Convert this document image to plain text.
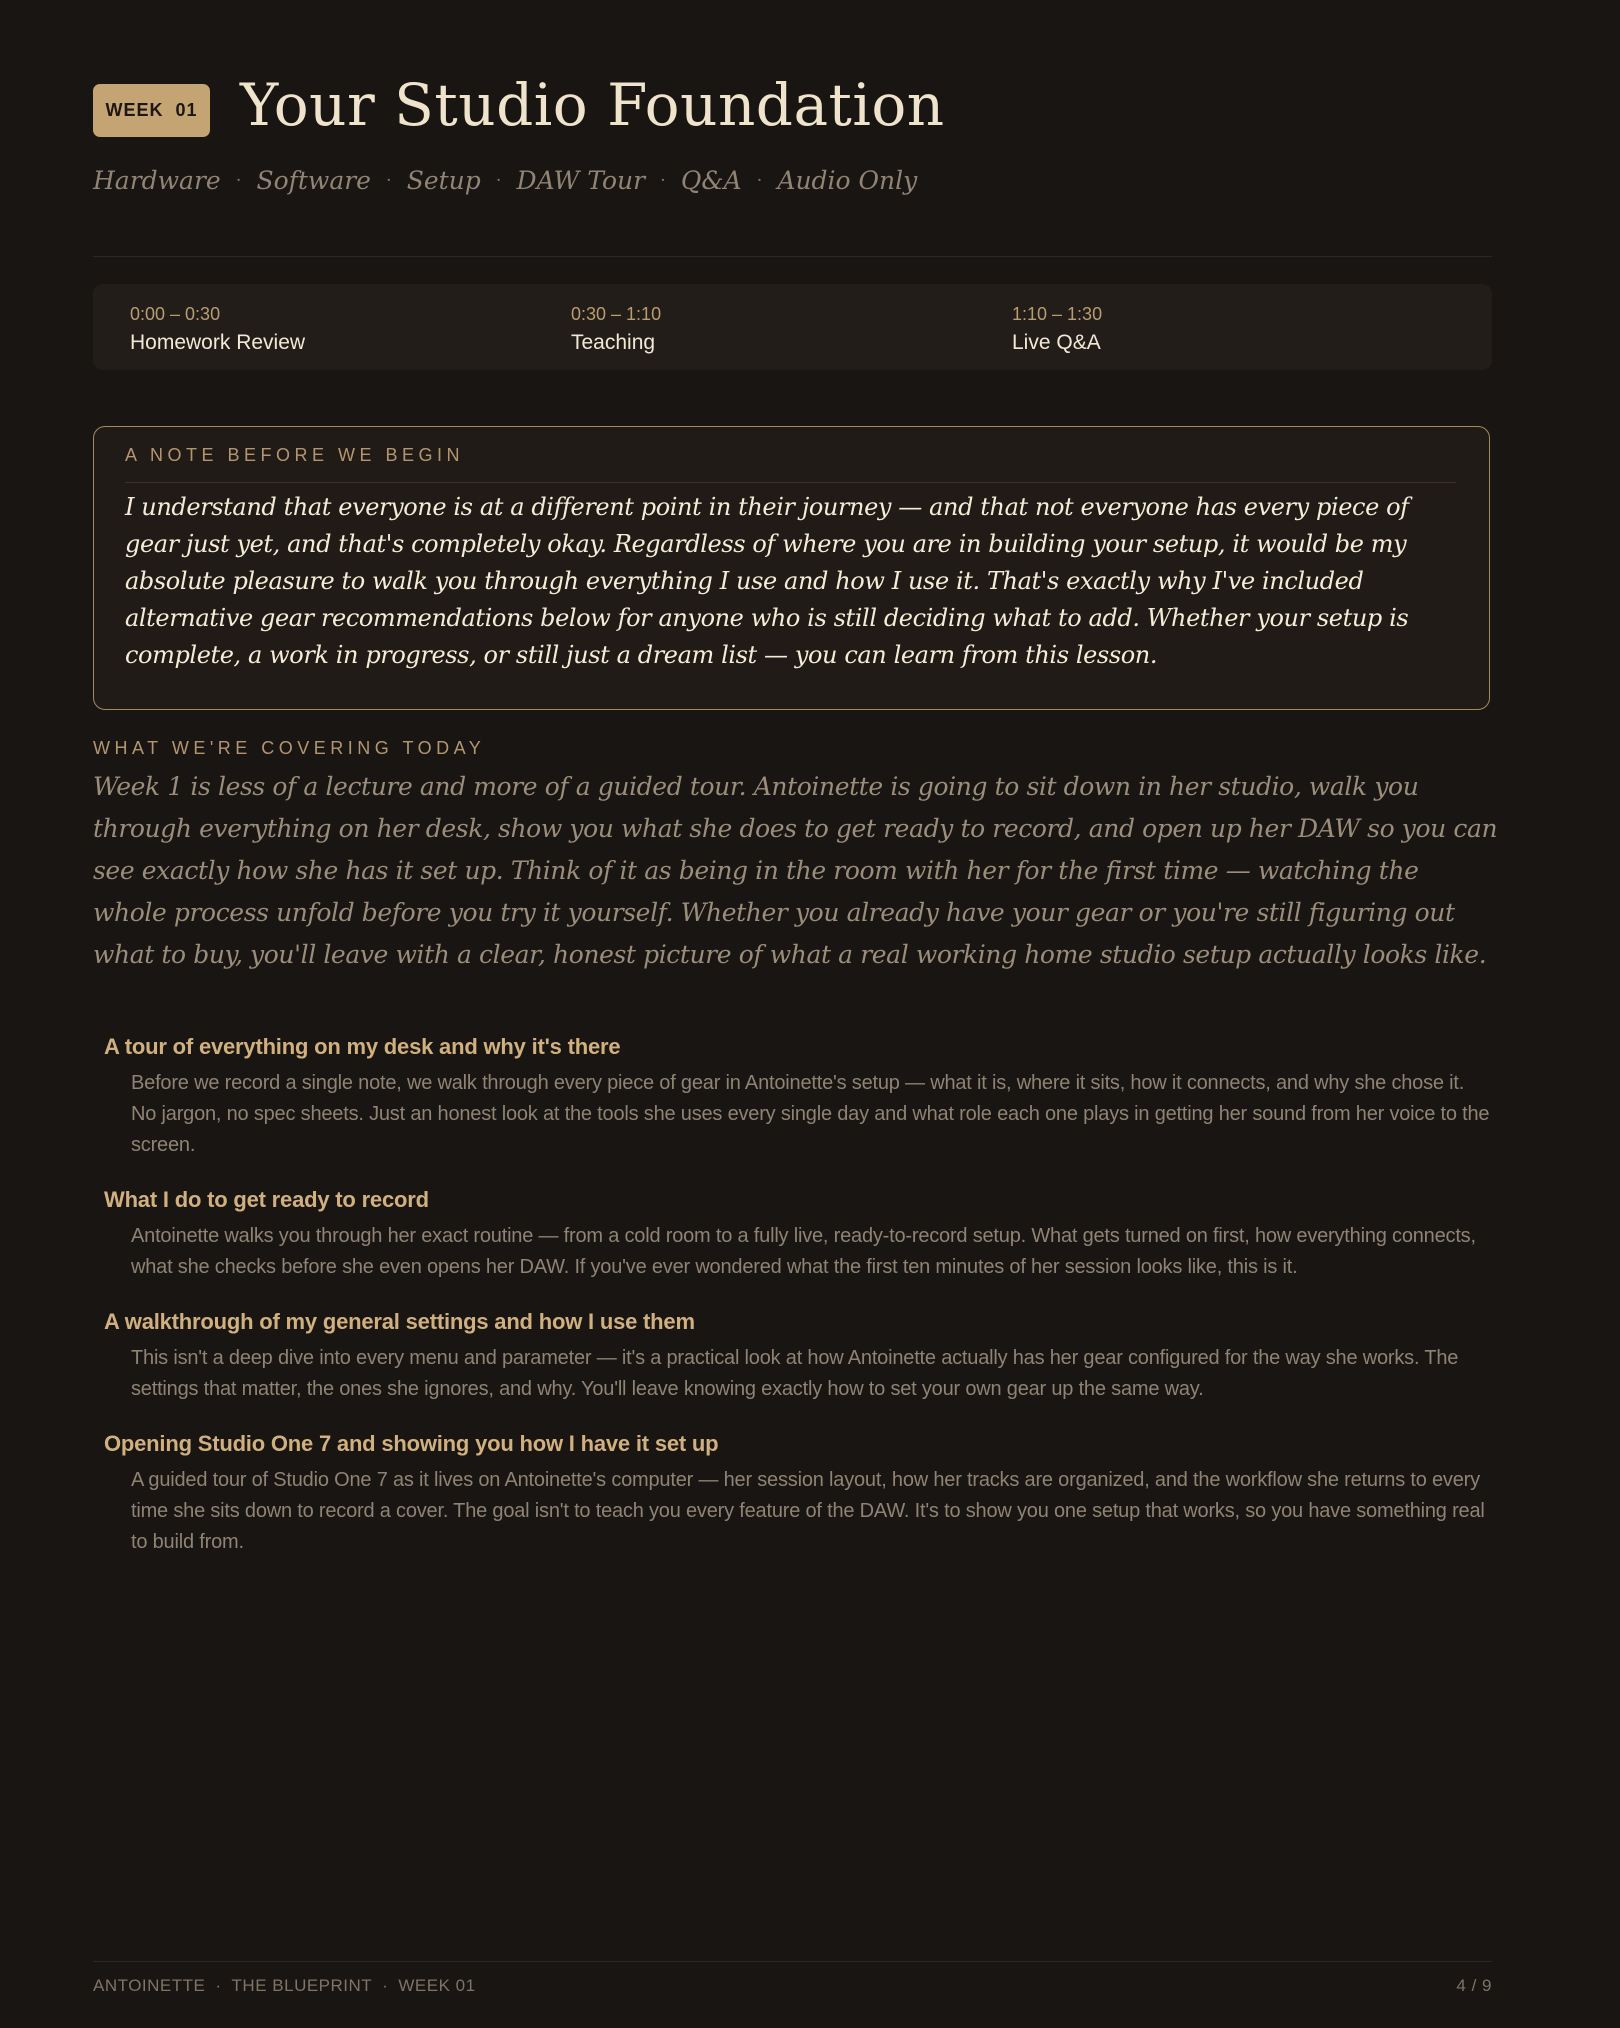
WEEK  01 Your Studio Foundation
Hardware · Software · Setup · DAW Tour · Q&A · Audio Only
0:00 – 0:30
Homework Review
0:30 – 1:10
Teaching
1:10 – 1:30
Live Q&A
A NOTE BEFORE WE BEGIN
I understand that everyone is at a different point in their journey — and that not everyone has every piece of gear just yet, and that's completely okay. Regardless of where you are in building your setup, it would be my absolute pleasure to walk you through everything I use and how I use it. That's exactly why I've included alternative gear recommendations below for anyone who is still deciding what to add. Whether your setup is complete, a work in progress, or still just a dream list — you can learn from this lesson.
WHAT WE'RE COVERING TODAY
Week 1 is less of a lecture and more of a guided tour. Antoinette is going to sit down in her studio, walk you through everything on her desk, show you what she does to get ready to record, and open up her DAW so you can see exactly how she has it set up. Think of it as being in the room with her for the first time — watching the whole process unfold before you try it yourself. Whether you already have your gear or you're still figuring out what to buy, you'll leave with a clear, honest picture of what a real working home studio setup actually looks like.
A tour of everything on my desk and why it's there
Before we record a single note, we walk through every piece of gear in Antoinette's setup — what it is, where it sits, how it connects, and why she chose it. No jargon, no spec sheets. Just an honest look at the tools she uses every single day and what role each one plays in getting her sound from her voice to the screen.
What I do to get ready to record
Antoinette walks you through her exact routine — from a cold room to a fully live, ready-to-record setup. What gets turned on first, how everything connects, what she checks before she even opens her DAW. If you've ever wondered what the first ten minutes of her session looks like, this is it.
A walkthrough of my general settings and how I use them
This isn't a deep dive into every menu and parameter — it's a practical look at how Antoinette actually has her gear configured for the way she works. The settings that matter, the ones she ignores, and why. You'll leave knowing exactly how to set your own gear up the same way.
Opening Studio One 7 and showing you how I have it set up
A guided tour of Studio One 7 as it lives on Antoinette's computer — her session layout, how her tracks are organized, and the workflow she returns to every time she sits down to record a cover. The goal isn't to teach you every feature of the DAW. It's to show you one setup that works, so you have something real to build from.
ANTOINETTE · THE BLUEPRINT · WEEK 01	4 / 9
